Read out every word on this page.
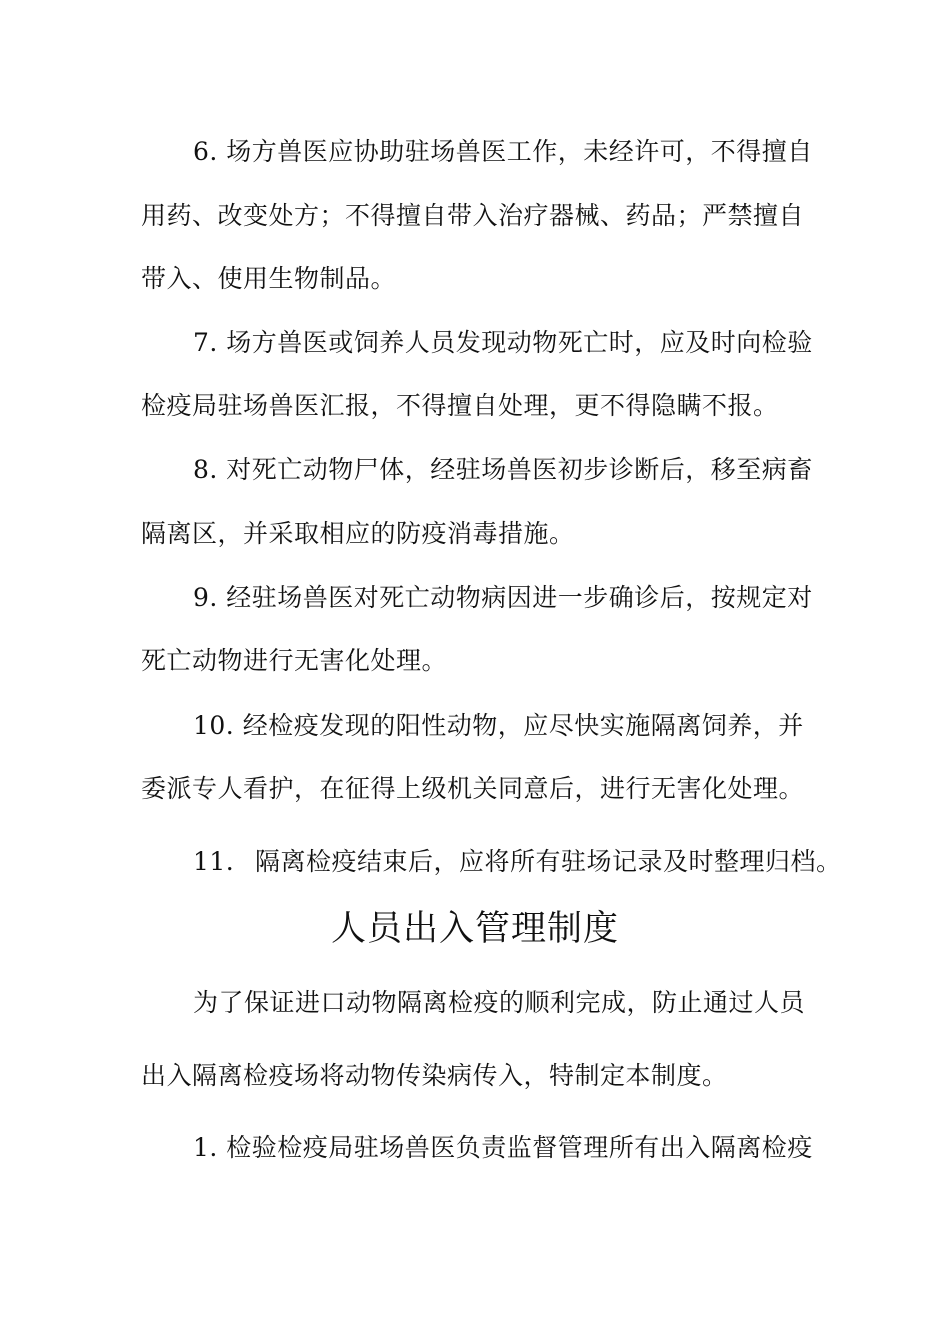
6. 场方兽医应协助驻场兽医工作，未经许可，不得擅自
用药、改变处方；不得擅自带入治疗器械、药品；严禁擅自
带入、使用生物制品。
7. 场方兽医或饲养人员发现动物死亡时，应及时向检验
检疫局驻场兽医汇报，不得擅自处理，更不得隐瞒不报。
8. 对死亡动物尸体，经驻场兽医初步诊断后，移至病畜
隔离区，并采取相应的防疫消毒措施。
9. 经驻场兽医对死亡动物病因进一步确诊后，按规定对
死亡动物进行无害化处理。
10. 经检疫发现的阳性动物，应尽快实施隔离饲养，并
委派专人看护，在征得上级机关同意后，进行无害化处理。
11. 隔离检疫结束后，应将所有驻场记录及时整理归档。
人员出入管理制度
为了保证进口动物隔离检疫的顺利完成，防止通过人员
出入隔离检疫场将动物传染病传入，特制定本制度。
1. 检验检疫局驻场兽医负责监督管理所有出入隔离检疫
